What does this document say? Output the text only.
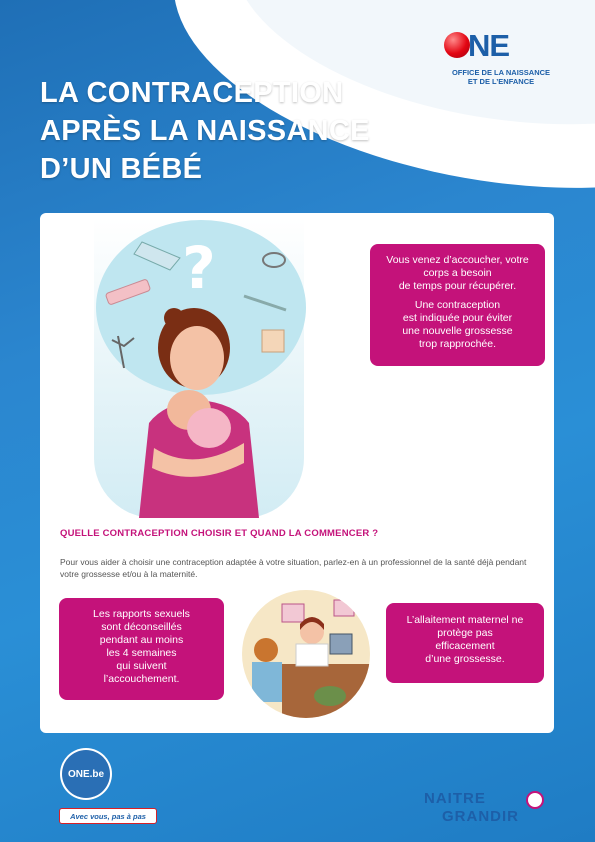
LA CONTRACEPTION
APRÈS LA NAISSANCE
D’UN BÉBÉ
NE
OFFICE DE LA NAISSANCE
ET DE L’ENFANCE
?	Vous venez d’accoucher, votre
corps a besoin
de temps pour récupérer.

Une contraception
est indiquée pour éviter
une nouvelle grossesse
trop rapprochée.

QUELLE CONTRACEPTION CHOISIR ET QUAND LA COMMENCER ?

Pour vous aider à choisir une contraception adaptée à votre situation, parlez-en à un professionnel de la santé déjà pendant votre grossesse et/ou à la maternité.

Les rapports sexuels
sont déconseillés
pendant au moins
les 4 semaines
qui suivent
l’accouchement.

L’allaitement maternel ne
protège pas
efficacement
d’une grossesse.

ONE.be
Avec vous, pas à pas
NAITRE
GRANDIR
